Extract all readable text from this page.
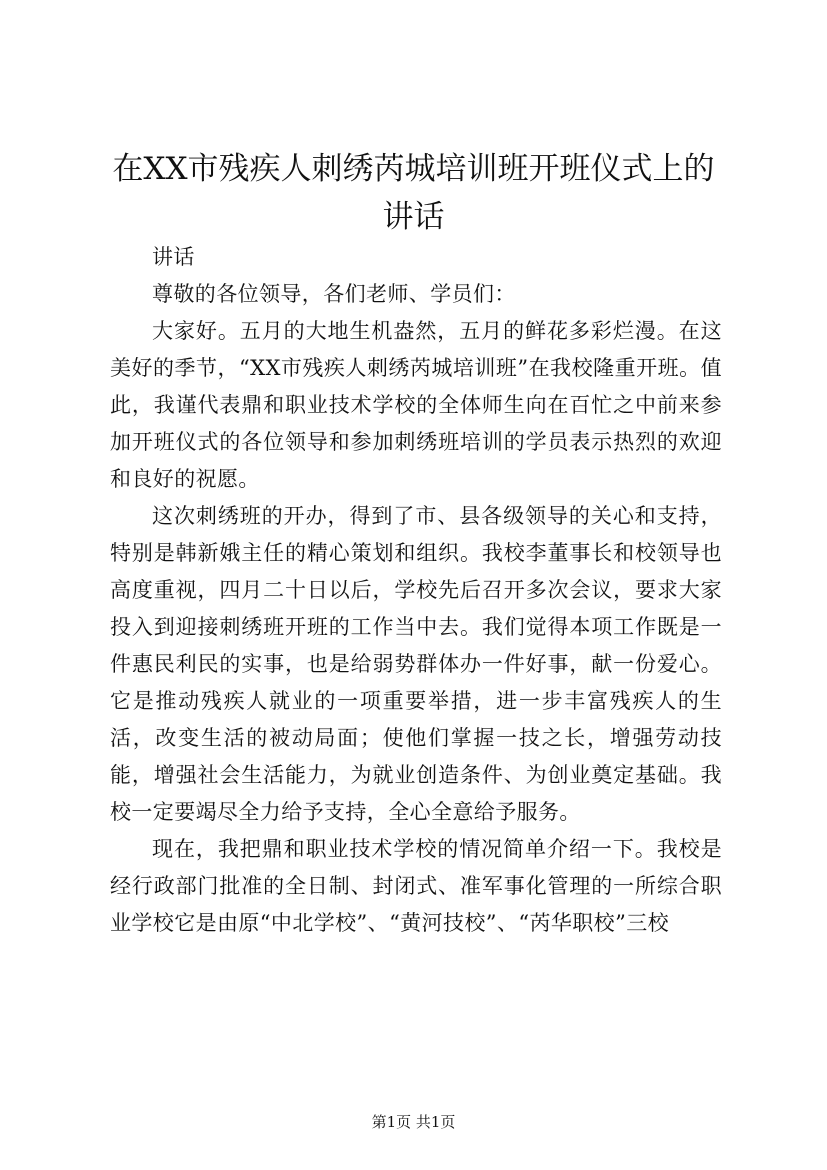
在XX市残疾人刺绣芮城培训班开班仪式上的
讲话

讲话

尊敬的各位领导，各们老师、学员们：

大家好。五月的大地生机盎然，五月的鲜花多彩烂漫。在这美好的季节，“XX市残疾人刺绣芮城培训班”在我校隆重开班。值此，我谨代表鼎和职业技术学校的全体师生向在百忙之中前来参加开班仪式的各位领导和参加刺绣班培训的学员表示热烈的欢迎和良好的祝愿。

这次刺绣班的开办，得到了市、县各级领导的关心和支持，特别是韩新娥主任的精心策划和组织。我校李董事长和校领导也高度重视，四月二十日以后，学校先后召开多次会议，要求大家投入到迎接刺绣班开班的工作当中去。我们觉得本项工作既是一件惠民利民的实事，也是给弱势群体办一件好事，献一份爱心。它是推动残疾人就业的一项重要举措，进一步丰富残疾人的生活，改变生活的被动局面；使他们掌握一技之长，增强劳动技能，增强社会生活能力，为就业创造条件、为创业奠定基础。我校一定要竭尽全力给予支持，全心全意给予服务。

现在，我把鼎和职业技术学校的情况简单介绍一下。我校是经行政部门批准的全日制、封闭式、准军事化管理的一所综合职业学校它是由原“中北学校”、“黄河技校”、“芮华职校”三校

第1页 共1页
